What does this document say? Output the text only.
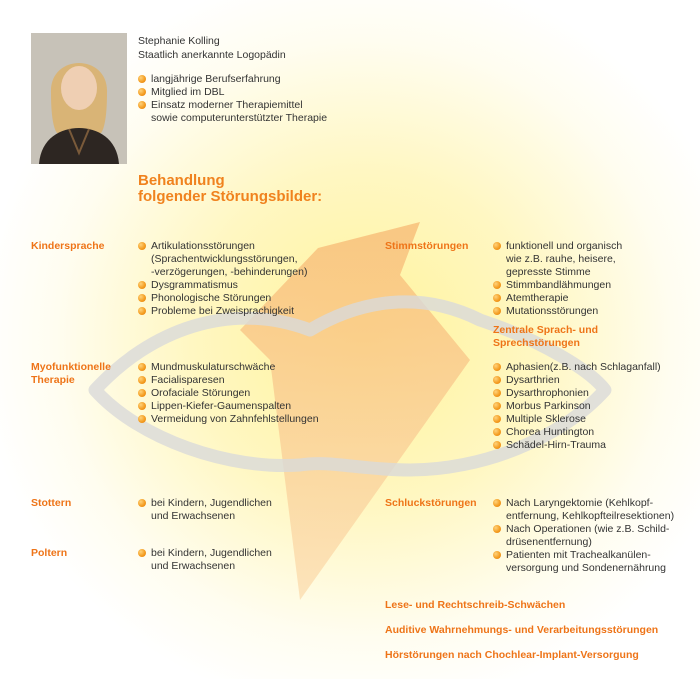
Stephanie Kolling
Staatlich anerkannte Logopädin
langjährige Berufserfahrung
Mitglied im DBL
Einsatz moderner Therapiemittel
sowie computerunterstützter Therapie
Behandlung
folgender Störungsbilder:
Kindersprache	Artikulationsstörungen
(Sprachentwicklungsstörungen,
-verzögerungen, -behinderungen)
Dysgrammatismus
Phonologische Störungen
Probleme bei Zweisprachigkeit
Myofunktionelle
Therapie
Mundmuskulaturschwäche
Facialisparesen
Orofaciale Störungen
Lippen-Kiefer-Gaumenspalten
Vermeidung von Zahnfehlstellungen
Stottern	bei Kindern, Jugendlichen
und Erwachsenen
Poltern	bei Kindern, Jugendlichen
und Erwachsenen
Stimmstörungen	funktionell und organisch
wie z.B. rauhe, heisere,
gepresste Stimme
Stimmbandlähmungen
Atemtherapie
Mutationsstörungen
Zentrale Sprach- und
Sprechstörungen
Aphasien(z.B. nach Schlaganfall)
Dysarthrien
Dysarthrophonien
Morbus Parkinson
Multiple Sklerose
Chorea Huntington
Schädel-Hirn-Trauma
Schluckstörungen	Nach Laryngektomie (Kehlkopf-
entfernung, Kehlkopfteilresektionen)
Nach Operationen (wie z.B. Schild-
drüsenentfernung)
Patienten mit Trachealkanülen-
versorgung und Sondenernährung
Lese- und Rechtschreib-Schwächen
Auditive Wahrnehmungs- und Verarbeitungsstörungen
Hörstörungen nach Chochlear-Implant-Versorgung
